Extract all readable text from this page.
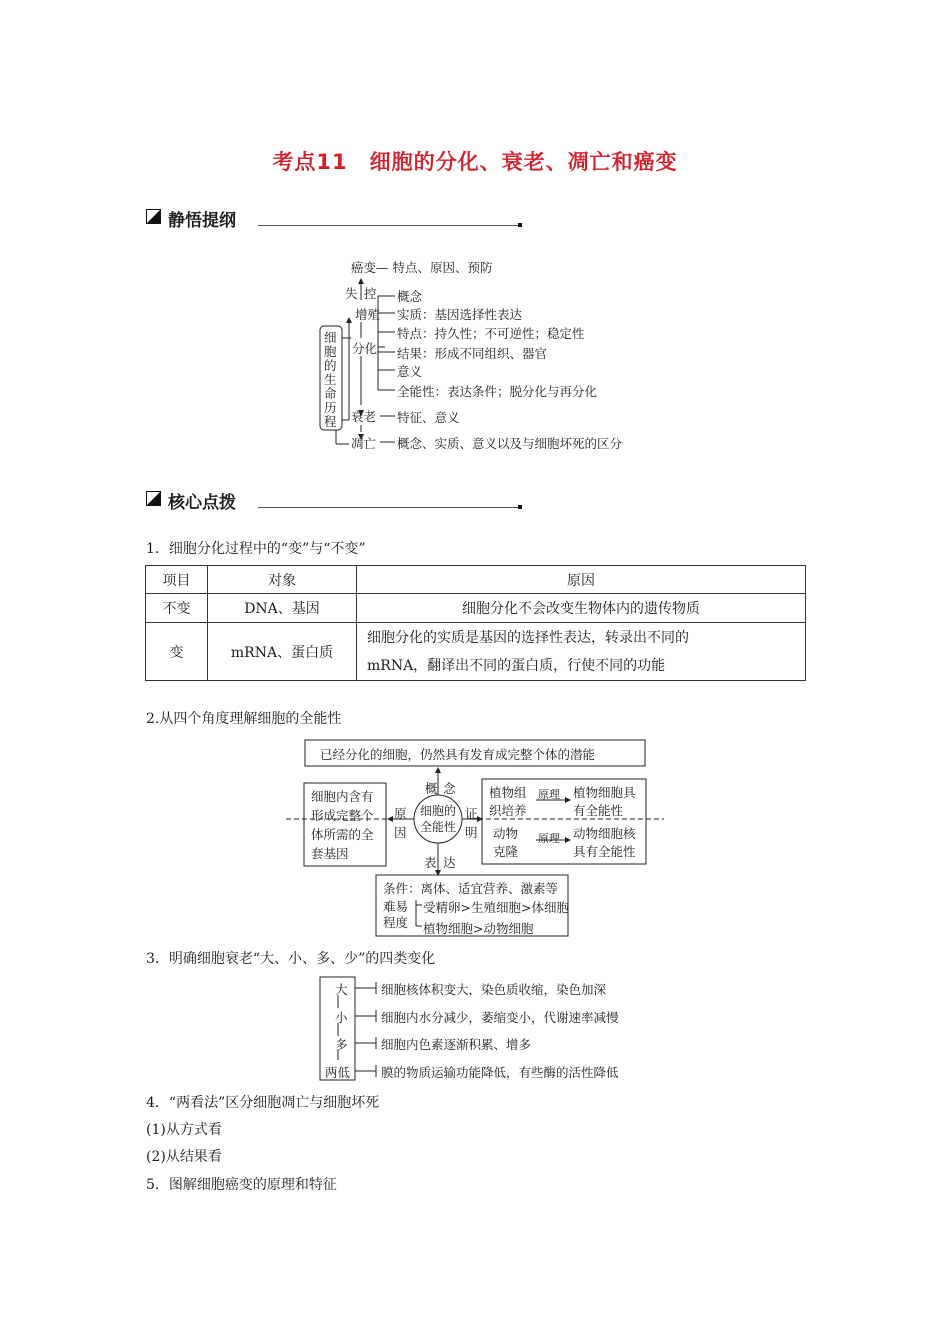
考点11　细胞的分化、衰老、凋亡和癌变
静悟提纲
癌变— 特点、原因、预防
失 控
增殖
分化
衰老
凋亡
细
胞
的
生
命
历
程
概念
实质：基因选择性表达
特点：持久性；不可逆性；稳定性
结果：形成不同组织、器官
意义
全能性：表达条件；脱分化与再分化
特征、意义
概念、实质、意义以及与细胞坏死的区分
核心点拨
1．细胞分化过程中的“变”与“不变”
项目	对象	原因
不变	DNA、基因	细胞分化不会改变生物体内的遗传物质
变	mRNA、蛋白质	细胞分化的实质是基因的选择性表达，转录出不同的
mRNA，翻译出不同的蛋白质，行使不同的功能
2.从四个角度理解细胞的全能性
已经分化的细胞，仍然具有发育成完整个体的潜能
概 念
细胞内含有
形成完整个
体所需的全
套基因
原
因
细胞的
全能性
证
明
植物组
织培养
原理 植物细胞具
有全能性
动物
克隆
原理 动物细胞核
具有全能性
表 达
条件：离体、适宜营养、激素等
难易
程度
受精卵>生殖细胞>体细胞
植物细胞>动物细胞
3．明确细胞衰老“大、小、多、少”的四类变化
大
小
多
两低
细胞核体积变大，染色质收缩，染色加深
细胞内水分减少，萎缩变小，代谢速率减慢
细胞内色素逐渐积累、增多
膜的物质运输功能降低，有些酶的活性降低
4．“两看法”区分细胞凋亡与细胞坏死
(1)从方式看
(2)从结果看
5．图解细胞癌变的原理和特征
